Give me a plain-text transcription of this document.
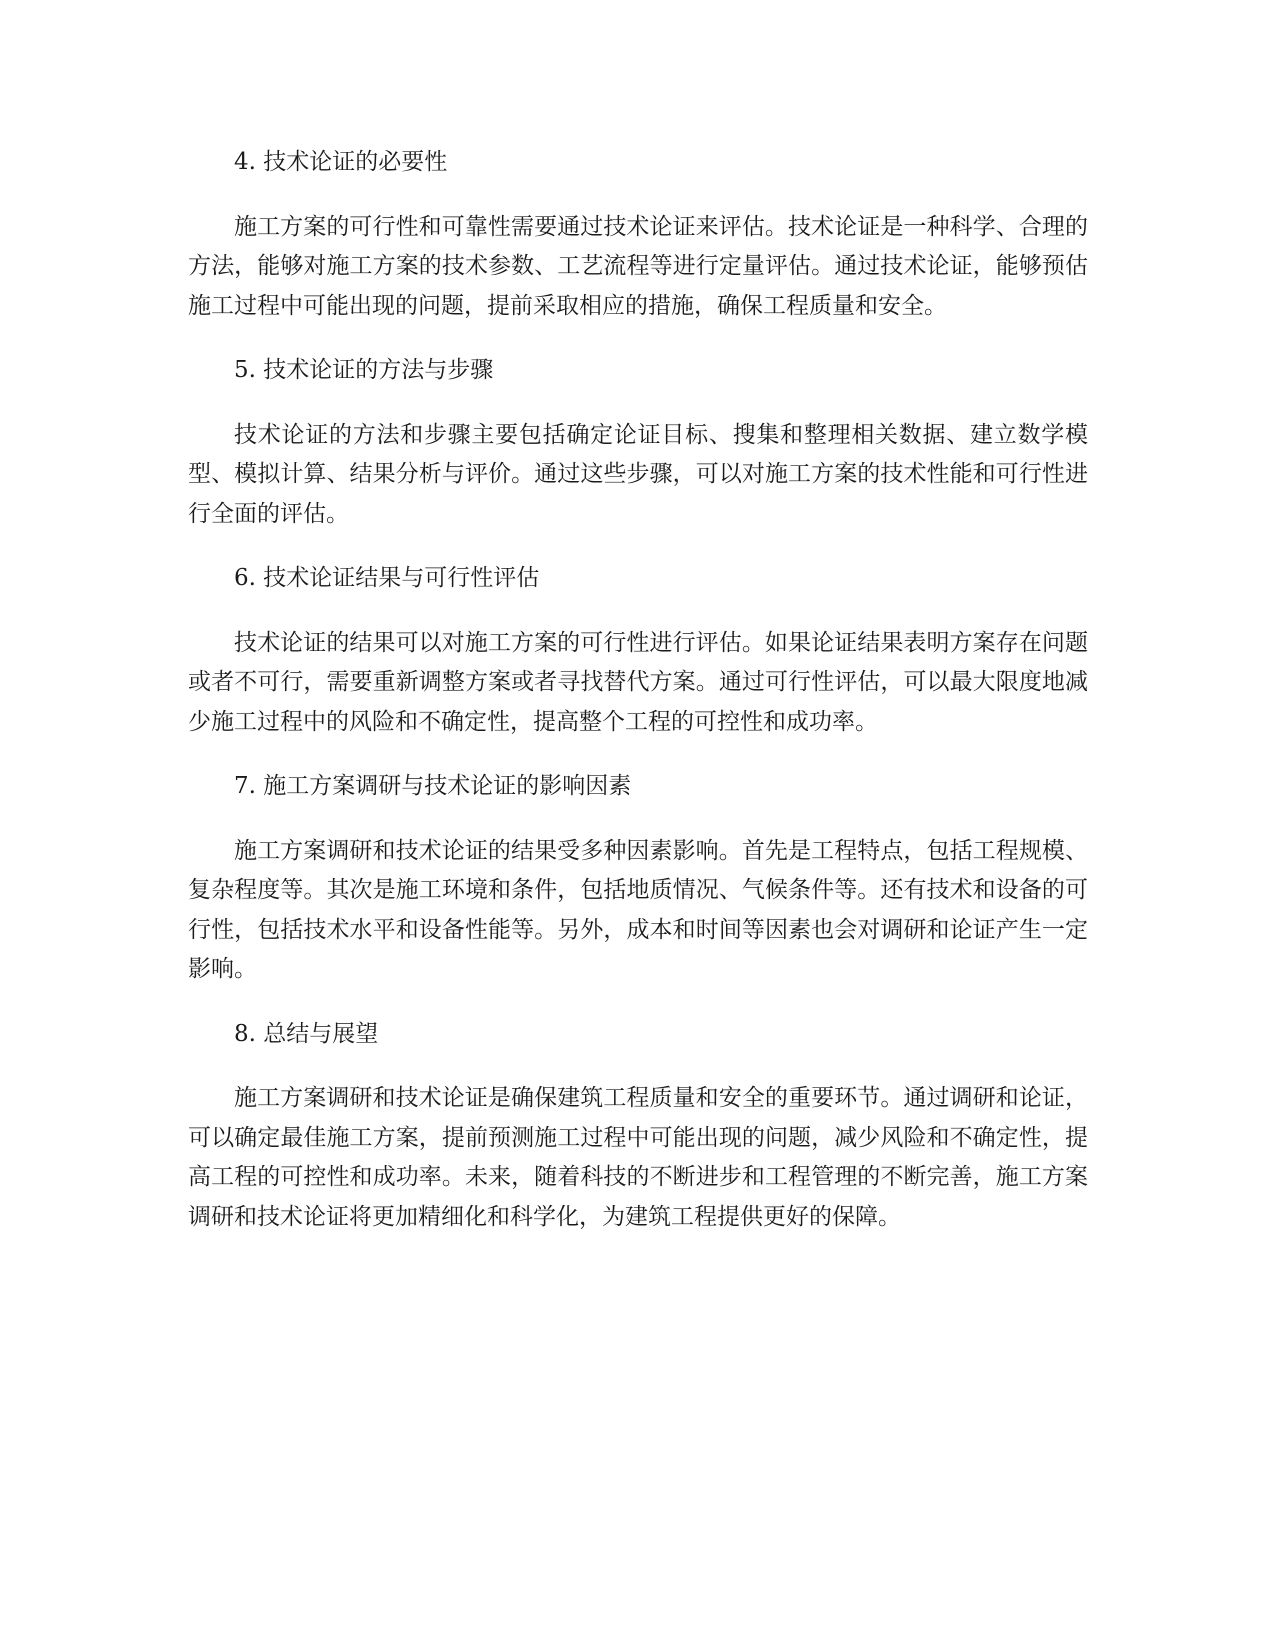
4. 技术论证的必要性

施工方案的可行性和可靠性需要通过技术论证来评估。技术论证是一种科学、合理的方法，能够对施工方案的技术参数、工艺流程等进行定量评估。通过技术论证，能够预估施工过程中可能出现的问题，提前采取相应的措施，确保工程质量和安全。

5. 技术论证的方法与步骤

技术论证的方法和步骤主要包括确定论证目标、搜集和整理相关数据、建立数学模型、模拟计算、结果分析与评价。通过这些步骤，可以对施工方案的技术性能和可行性进行全面的评估。

6. 技术论证结果与可行性评估

技术论证的结果可以对施工方案的可行性进行评估。如果论证结果表明方案存在问题或者不可行，需要重新调整方案或者寻找替代方案。通过可行性评估，可以最大限度地减少施工过程中的风险和不确定性，提高整个工程的可控性和成功率。

7. 施工方案调研与技术论证的影响因素

施工方案调研和技术论证的结果受多种因素影响。首先是工程特点，包括工程规模、复杂程度等。其次是施工环境和条件，包括地质情况、气候条件等。还有技术和设备的可行性，包括技术水平和设备性能等。另外，成本和时间等因素也会对调研和论证产生一定影响。

8. 总结与展望

施工方案调研和技术论证是确保建筑工程质量和安全的重要环节。通过调研和论证，可以确定最佳施工方案，提前预测施工过程中可能出现的问题，减少风险和不确定性，提高工程的可控性和成功率。未来，随着科技的不断进步和工程管理的不断完善，施工方案调研和技术论证将更加精细化和科学化，为建筑工程提供更好的保障。
